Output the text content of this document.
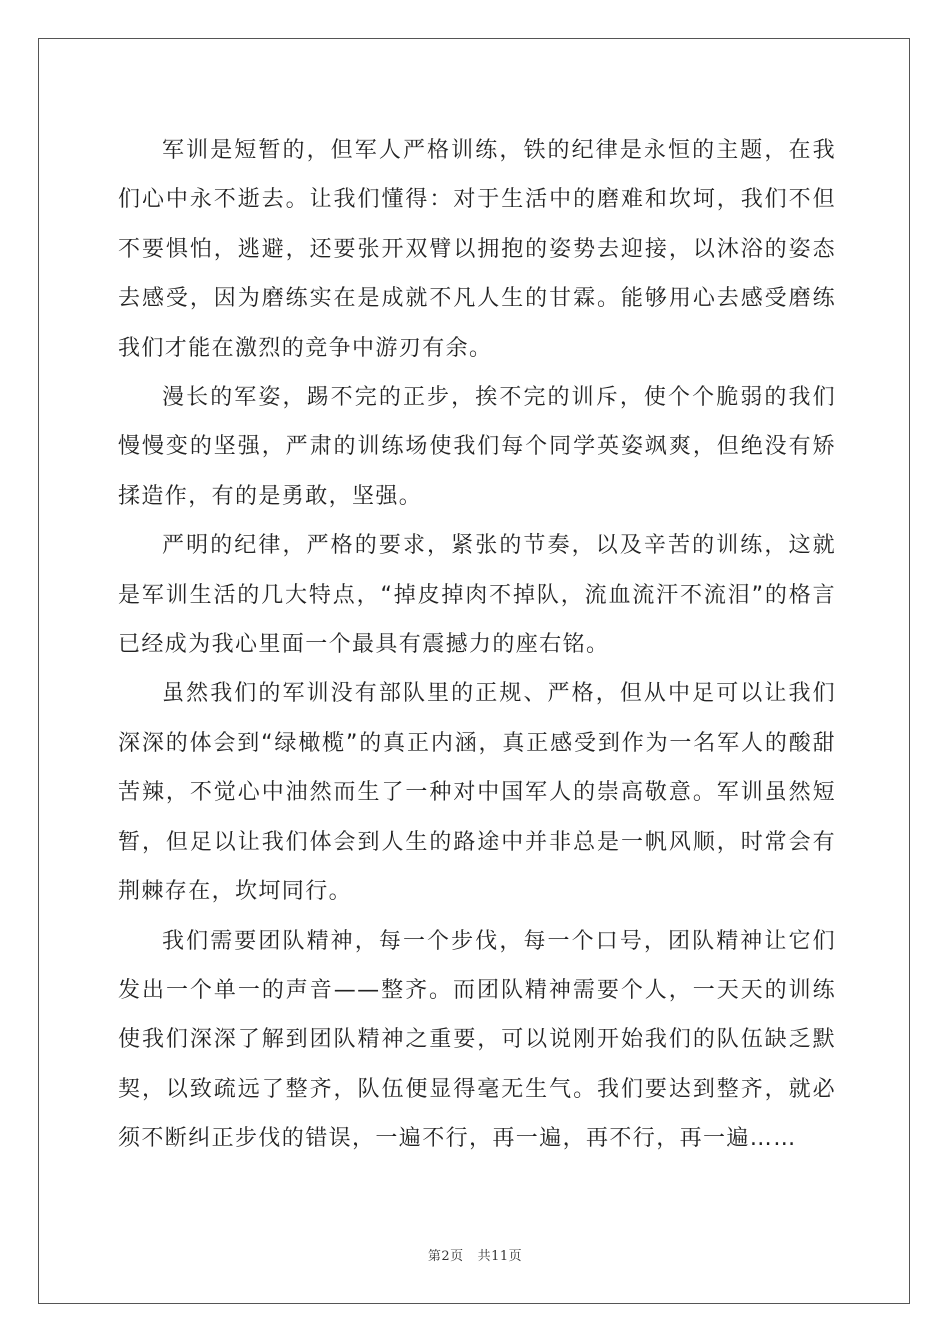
军训是短暂的，但军人严格训练，铁的纪律是永恒的主题，在我们心中永不逝去。让我们懂得：对于生活中的磨难和坎坷，我们不但不要惧怕，逃避，还要张开双臂以拥抱的姿势去迎接，以沐浴的姿态去感受，因为磨练实在是成就不凡人生的甘霖。能够用心去感受磨练我们才能在激烈的竞争中游刃有余。

漫长的军姿，踢不完的正步，挨不完的训斥，使个个脆弱的我们慢慢变的坚强，严肃的训练场使我们每个同学英姿飒爽，但绝没有矫揉造作，有的是勇敢，坚强。

严明的纪律，严格的要求，紧张的节奏，以及辛苦的训练，这就是军训生活的几大特点，“掉皮掉肉不掉队，流血流汗不流泪”的格言已经成为我心里面一个最具有震撼力的座右铭。

虽然我们的军训没有部队里的正规、严格，但从中足可以让我们深深的体会到“绿橄榄”的真正内涵，真正感受到作为一名军人的酸甜苦辣，不觉心中油然而生了一种对中国军人的崇高敬意。军训虽然短暂，但足以让我们体会到人生的路途中并非总是一帆风顺，时常会有荆棘存在，坎坷同行。

我们需要团队精神，每一个步伐，每一个口号，团队精神让它们发出一个单一的声音——整齐。而团队精神需要个人，一天天的训练使我们深深了解到团队精神之重要，可以说刚开始我们的队伍缺乏默契，以致疏远了整齐，队伍便显得毫无生气。我们要达到整齐，就必须不断纠正步伐的错误，一遍不行，再一遍，再不行，再一遍……

第2页 共11页
